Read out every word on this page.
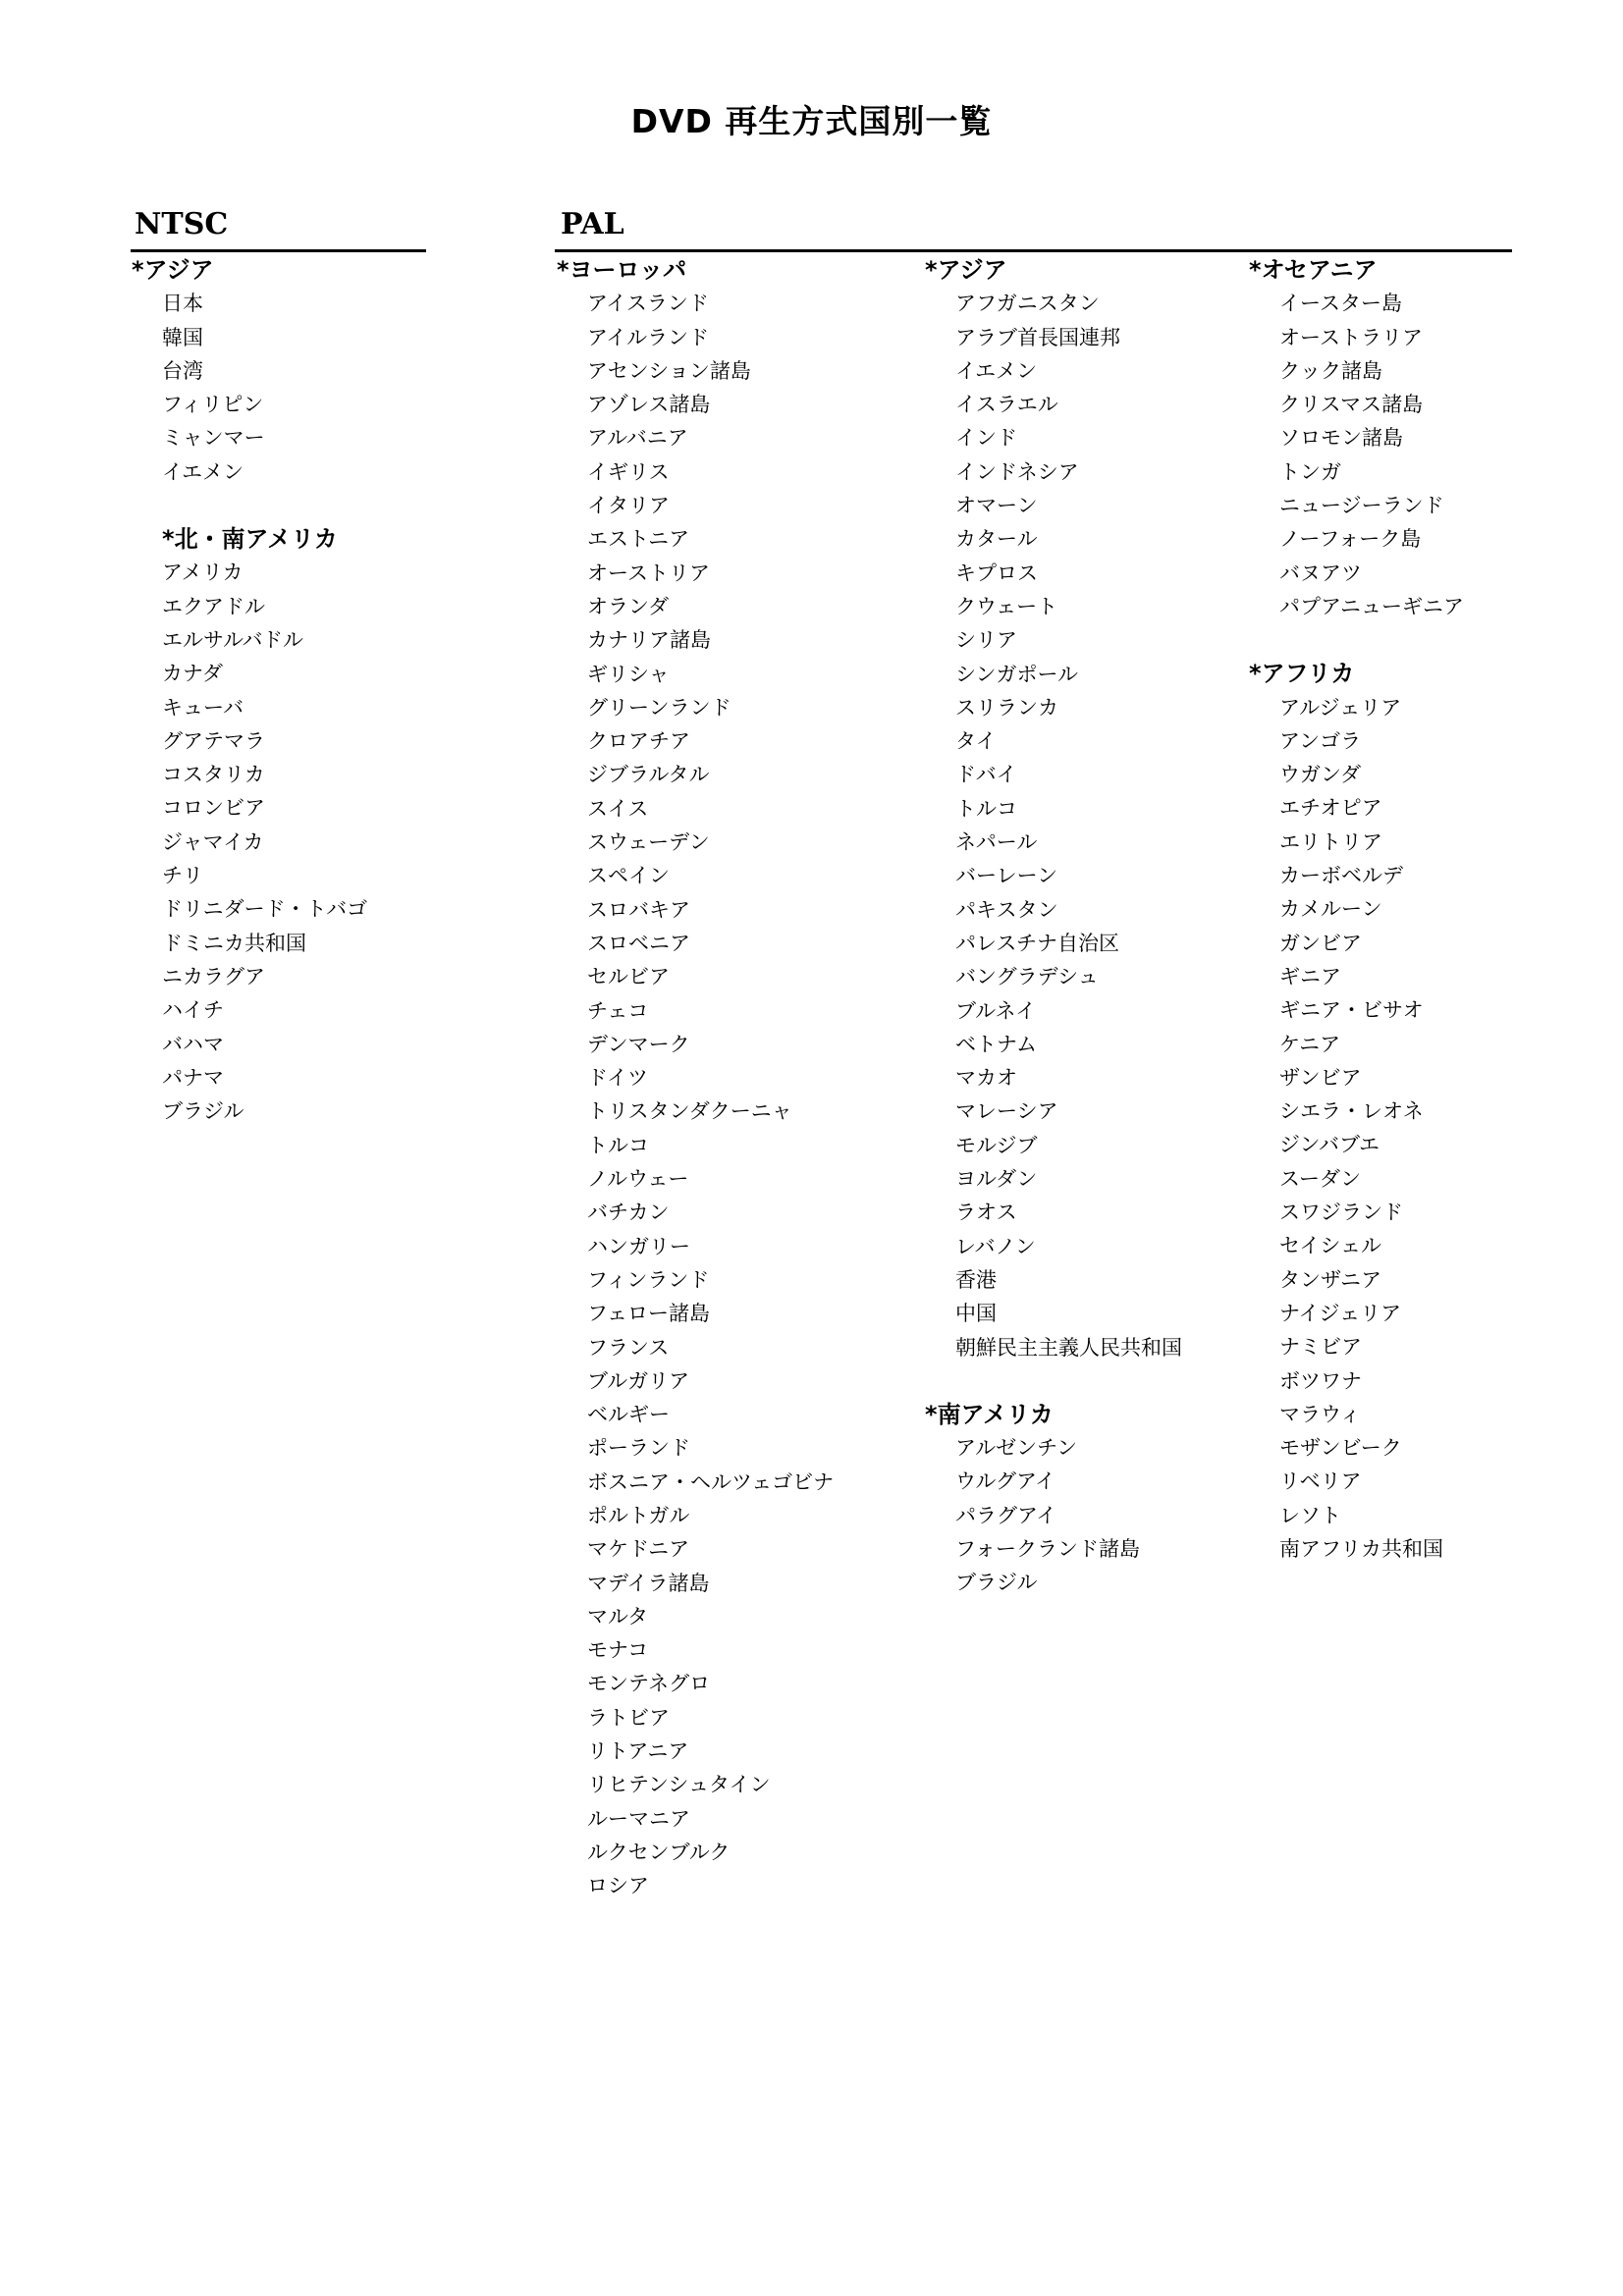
DVD 再生方式国別一覧
NTSC	PAL
*アジア
日本
韓国
台湾
フィリピン
ミャンマー
イエメン
*北・南アメリカ
アメリカ
エクアドル
エルサルバドル
カナダ
キューバ
グアテマラ
コスタリカ
コロンビア
ジャマイカ
チリ
ドリニダード・トバゴ
ドミニカ共和国
ニカラグア
ハイチ
バハマ
パナマ
ブラジル
*ヨーロッパ
アイスランド
アイルランド
アセンション諸島
アゾレス諸島
アルバニア
イギリス
イタリア
エストニア
オーストリア
オランダ
カナリア諸島
ギリシャ
グリーンランド
クロアチア
ジブラルタル
スイス
スウェーデン
スペイン
スロバキア
スロベニア
セルビア
チェコ
デンマーク
ドイツ
トリスタンダクーニャ
トルコ
ノルウェー
バチカン
ハンガリー
フィンランド
フェロー諸島
フランス
ブルガリア
ベルギー
ポーランド
ボスニア・ヘルツェゴビナ
ポルトガル
マケドニア
マデイラ諸島
マルタ
モナコ
モンテネグロ
ラトビア
リトアニア
リヒテンシュタイン
ルーマニア
ルクセンブルク
ロシア
*アジア
アフガニスタン
アラブ首長国連邦
イエメン
イスラエル
インド
インドネシア
オマーン
カタール
キプロス
クウェート
シリア
シンガポール
スリランカ
タイ
ドバイ
トルコ
ネパール
バーレーン
パキスタン
パレスチナ自治区
バングラデシュ
ブルネイ
ベトナム
マカオ
マレーシア
モルジブ
ヨルダン
ラオス
レバノン
香港
中国
朝鮮民主主義人民共和国
*南アメリカ
アルゼンチン
ウルグアイ
パラグアイ
フォークランド諸島
ブラジル
*オセアニア
イースター島
オーストラリア
クック諸島
クリスマス諸島
ソロモン諸島
トンガ
ニュージーランド
ノーフォーク島
バヌアツ
パプアニューギニア
*アフリカ
アルジェリア
アンゴラ
ウガンダ
エチオピア
エリトリア
カーボベルデ
カメルーン
ガンビア
ギニア
ギニア・ビサオ
ケニア
ザンビア
シエラ・レオネ
ジンバブエ
スーダン
スワジランド
セイシェル
タンザニア
ナイジェリア
ナミビア
ボツワナ
マラウィ
モザンビーク
リベリア
レソト
南アフリカ共和国
